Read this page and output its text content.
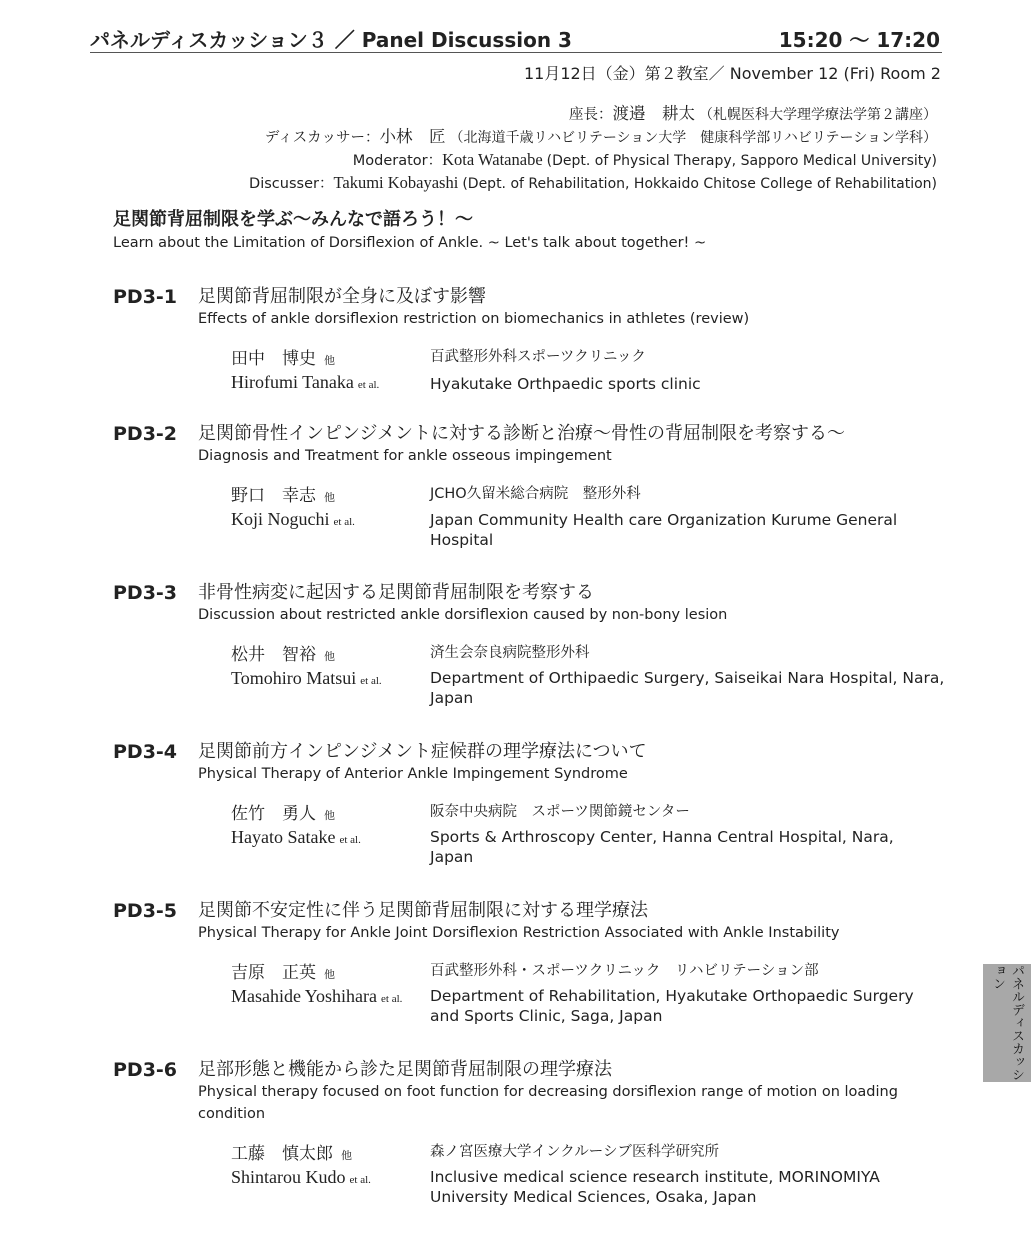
パネルディスカッション３ ／ Panel Discussion 3	15:20 ～ 17:20
11月12日（金）第２教室／ November 12 (Fri) Room 2
座長：渡邉　耕太 （札幌医科大学理学療法学第２講座）
ディスカッサー：小林　匠 （北海道千歳リハビリテーション大学　健康科学部リハビリテーション学科）
Moderator：Kota Watanabe (Dept. of Physical Therapy, Sapporo Medical University)
Discusser：Takumi Kobayashi (Dept. of Rehabilitation, Hokkaido Chitose College of Rehabilitation)
足関節背屈制限を学ぶ～みんなで語ろう！～
Learn about the Limitation of Dorsiflexion of Ankle. ~ Let's talk about together! ~
PD3-1 足関節背屈制限が全身に及ぼす影響
Effects of ankle dorsiflexion restriction on biomechanics in athletes (review)
田中　博史 他
Hirofumi Tanaka et al.
百武整形外科スポーツクリニック
Hyakutake Orthpaedic sports clinic
PD3-2 足関節骨性インピンジメントに対する診断と治療～骨性の背屈制限を考察する～
Diagnosis and Treatment for ankle osseous impingement
野口　幸志 他
Koji Noguchi et al.
JCHO久留米総合病院　整形外科
Japan Community Health care Organization Kurume General Hospital
PD3-3 非骨性病変に起因する足関節背屈制限を考察する
Discussion about restricted ankle dorsiflexion caused by non-bony lesion
松井　智裕 他
Tomohiro Matsui et al.
済生会奈良病院整形外科
Department of Orthipaedic Surgery, Saiseikai Nara Hospital, Nara, Japan
PD3-4 足関節前方インピンジメント症候群の理学療法について
Physical Therapy of Anterior Ankle Impingement Syndrome
佐竹　勇人 他
Hayato Satake et al.
阪奈中央病院　スポーツ関節鏡センター
Sports & Arthroscopy Center, Hanna Central Hospital, Nara, Japan
PD3-5 足関節不安定性に伴う足関節背屈制限に対する理学療法
Physical Therapy for Ankle Joint Dorsiflexion Restriction Associated with Ankle Instability
吉原　正英 他
Masahide Yoshihara et al.
百武整形外科・スポーツクリニック　リハビリテーション部
Department of Rehabilitation, Hyakutake Orthopaedic Surgery and Sports Clinic, Saga, Japan
PD3-6 足部形態と機能から診た足関節背屈制限の理学療法
Physical therapy focused on foot function for decreasing dorsiflexion range of motion on loading condition
工藤　慎太郎 他
Shintarou Kudo et al.
森ノ宮医療大学インクルーシブ医科学研究所
Inclusive medical science research institute, MORINOMIYA University Medical Sciences, Osaka, Japan
パネルディスカッション
